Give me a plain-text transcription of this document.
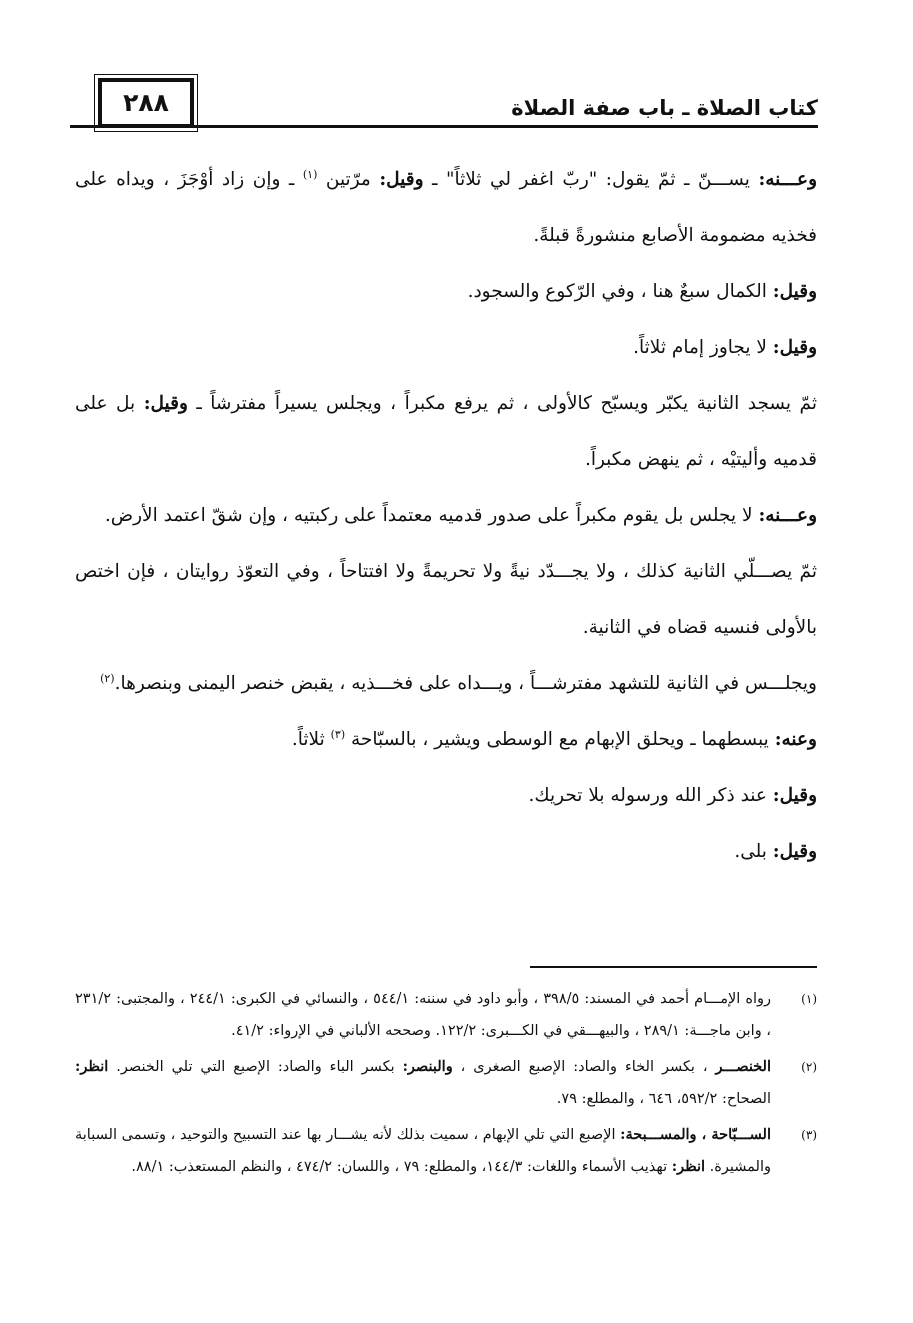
٢٨٨	كتاب الصلاة ـ باب صفة الصلاة

وعـــنه: يســـنّ ـ ثمّ يقول: "ربّ اغفر لي ثلاثاً" ـ وقيل: مرّتين $^{(١)}$ ـ وإن زاد أوْجَزَ ، ويداه على فخذيه مضمومة الأصابع منشورةً قبلةً.

وقيل: الكمال سبعٌ هنا ، وفي الرّكوع والسجود.

وقيل: لا يجاوز إمام ثلاثاً.

ثمّ يسجد الثانية يكبّر ويسبّح كالأولى ، ثم يرفع مكبراً ، ويجلس يسيراً مفترشاً ـ وقيل: بل على قدميه وأليتيْه ، ثم ينهض مكبراً.

وعـــنه: لا يجلس بل يقوم مكبراً على صدور قدميه معتمداً على ركبتيه ، وإن شقّ اعتمد الأرض.

ثمّ يصـــلّي الثانية كذلك ، ولا يجـــدّد نيةً ولا تحريمةً ولا افتتاحاً ، وفي التعوّذ روايتان ، فإن اختص بالأولى فنسيه قضاه في الثانية.

ويجلـــس في الثانية للتشهد مفترشـــاً ، ويـــداه على فخـــذيه ، يقبض خنصر اليمنى وبنصرها.$^{(٢)}$

وعنه: يبسطهما ـ ويحلق الإبهام مع الوسطى ويشير ، بالسبّاحة $^{(٣)}$ ثلاثاً.

وقيل: عند ذكر الله ورسوله بلا تحريك.

وقيل: بلى.

(١)
رواه الإمـــام أحمد في المسند: ٣٩٨/٥ ، وأبو داود في سننه: ٥٤٤/١ ، والنسائي في الكبرى: ٢٤٤/١ ، والمجتبى: ٢٣١/٢ ، وابن ماجـــة: ٢٨٩/١ ، والبيهـــقي في الكـــبرى: ١٢٢/٢. وصححه الألباني في الإرواء: ٤١/٢.

(٢)
الخنصـــر ، بكسر الخاء والصاد: الإصبع الصغرى ، والبنصر: بكسر الباء والصاد: الإصبع التي تلي الخنصر. انظر: الصحاح: ٥٩٢/٢، ٦٤٦ ، والمطلع: ٧٩.

(٣)
الســـبّاحة ، والمســـبحة: الإصبع التي تلي الإبهام ، سميت بذلك لأنه يشـــار بها عند التسبيح والتوحيد ، وتسمى السبابة والمشيرة. انظر: تهذيب الأسماء واللغات: ١٤٤/٣، والمطلع: ٧٩ ، واللسان: ٤٧٤/٢ ، والنظم المستعذب: ٨٨/١.
